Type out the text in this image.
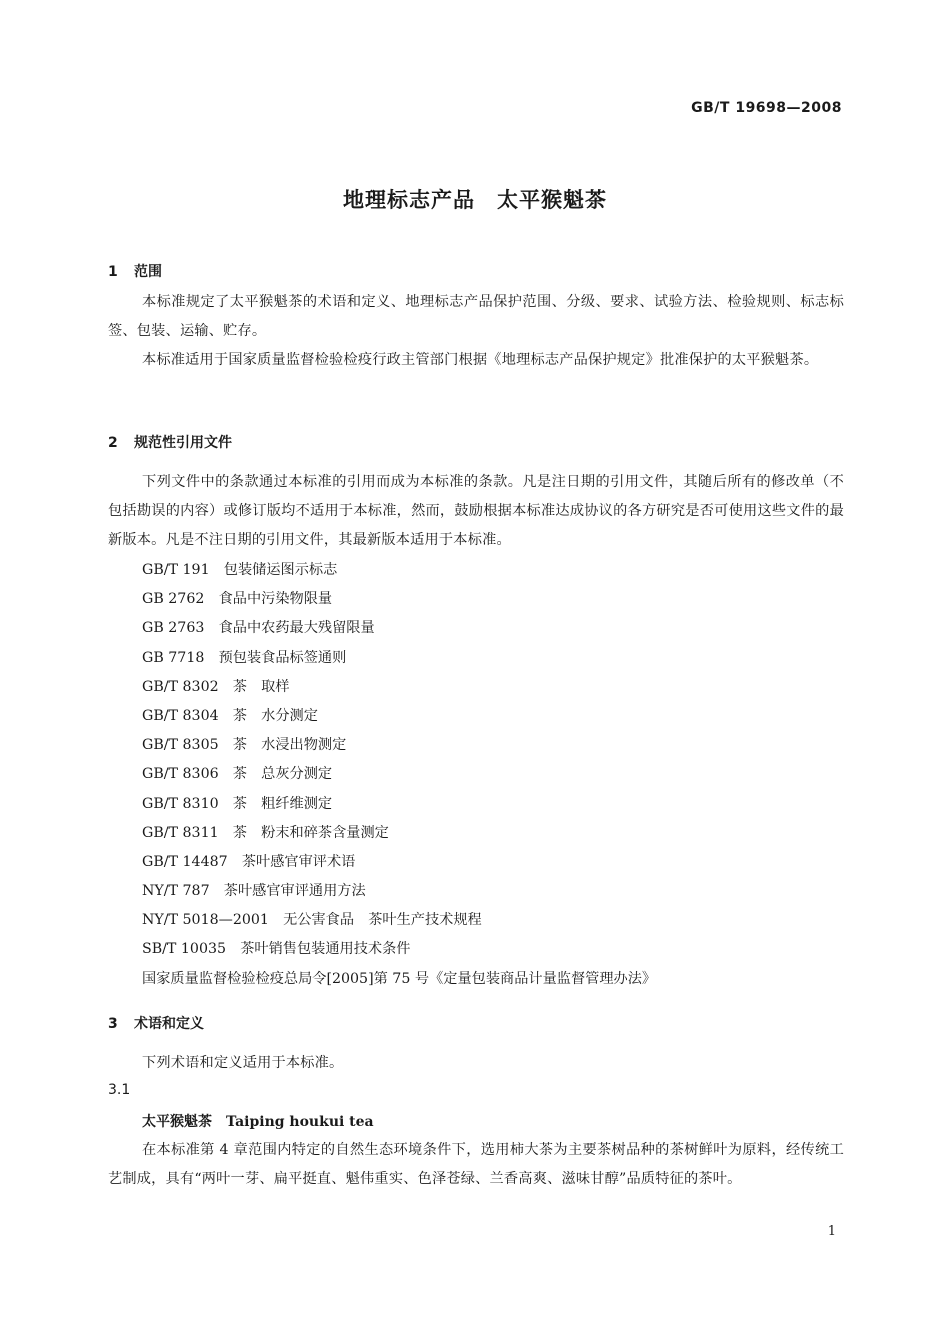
GB/T 19698—2008
地理标志产品　太平猴魁茶
1 范围

本标准规定了太平猴魁茶的术语和定义、地理标志产品保护范围、分级、要求、试验方法、检验规则、标志标签、包装、运输、贮存。

本标准适用于国家质量监督检验检疫行政主管部门根据《地理标志产品保护规定》批准保护的太平猴魁茶。

2 规范性引用文件

下列文件中的条款通过本标准的引用而成为本标准的条款。凡是注日期的引用文件，其随后所有的修改单（不包括勘误的内容）或修订版均不适用于本标准，然而，鼓励根据本标准达成协议的各方研究是否可使用这些文件的最新版本。凡是不注日期的引用文件，其最新版本适用于本标准。

GB/T 191　包装储运图示标志
GB 2762　食品中污染物限量
GB 2763　食品中农药最大残留限量
GB 7718　预包装食品标签通则
GB/T 8302　茶　取样
GB/T 8304　茶　水分测定
GB/T 8305　茶　水浸出物测定
GB/T 8306　茶　总灰分测定
GB/T 8310　茶　粗纤维测定
GB/T 8311　茶　粉末和碎茶含量测定
GB/T 14487　茶叶感官审评术语
NY/T 787　茶叶感官审评通用方法
NY/T 5018—2001　无公害食品　茶叶生产技术规程
SB/T 10035　茶叶销售包装通用技术条件
国家质量监督检验检疫总局令[2005]第 75 号《定量包装商品计量监督管理办法》
3 术语和定义

下列术语和定义适用于本标准。

3.1
太平猴魁茶　 Taiping houkui tea

在本标准第 4 章范围内特定的自然生态环境条件下，选用柿大茶为主要茶树品种的茶树鲜叶为原料，经传统工艺制成，具有“两叶一芽、扁平挺直、魁伟重实、色泽苍绿、兰香高爽、滋味甘醇”品质特征的茶叶。

1
